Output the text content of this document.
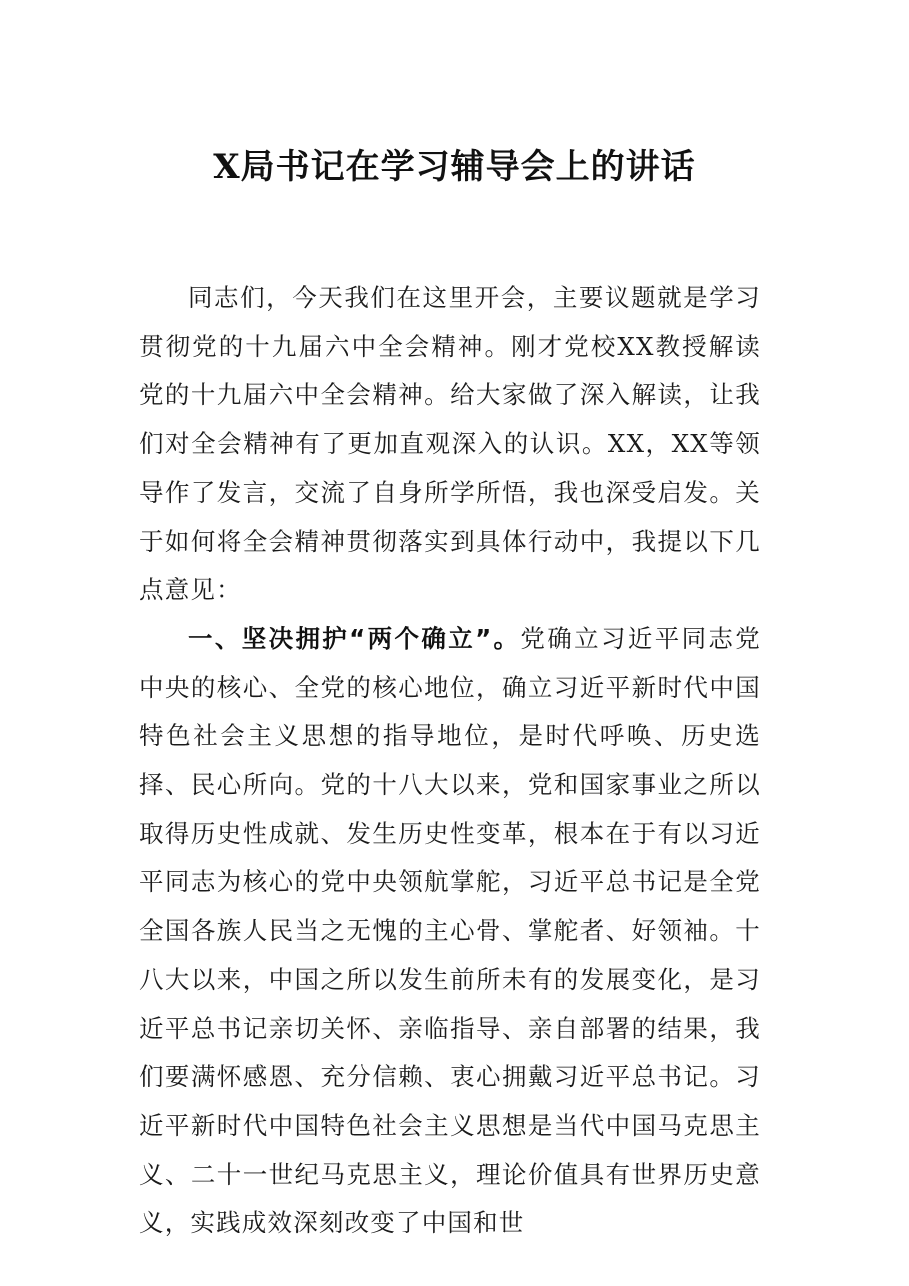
X局书记在学习辅导会上的讲话

同志们，今天我们在这里开会，主要议题就是学习贯彻党的十九届六中全会精神。刚才党校XX教授解读党的十九届六中全会精神。给大家做了深入解读，让我们对全会精神有了更加直观深入的认识。XX，XX等领导作了发言，交流了自身所学所悟，我也深受启发。关于如何将全会精神贯彻落实到具体行动中，我提以下几点意见：

一、坚决拥护“两个确立”。党确立习近平同志党中央的核心、全党的核心地位，确立习近平新时代中国特色社会主义思想的指导地位，是时代呼唤、历史选择、民心所向。党的十八大以来，党和国家事业之所以取得历史性成就、发生历史性变革，根本在于有以习近平同志为核心的党中央领航掌舵，习近平总书记是全党全国各族人民当之无愧的主心骨、掌舵者、好领袖。十八大以来，中国之所以发生前所未有的发展变化，是习近平总书记亲切关怀、亲临指导、亲自部署的结果，我们要满怀感恩、充分信赖、衷心拥戴习近平总书记。习近平新时代中国特色社会主义思想是当代中国马克思主义、二十一世纪马克思主义，理论价值具有世界历史意义，实践成效深刻改变了中国和世
